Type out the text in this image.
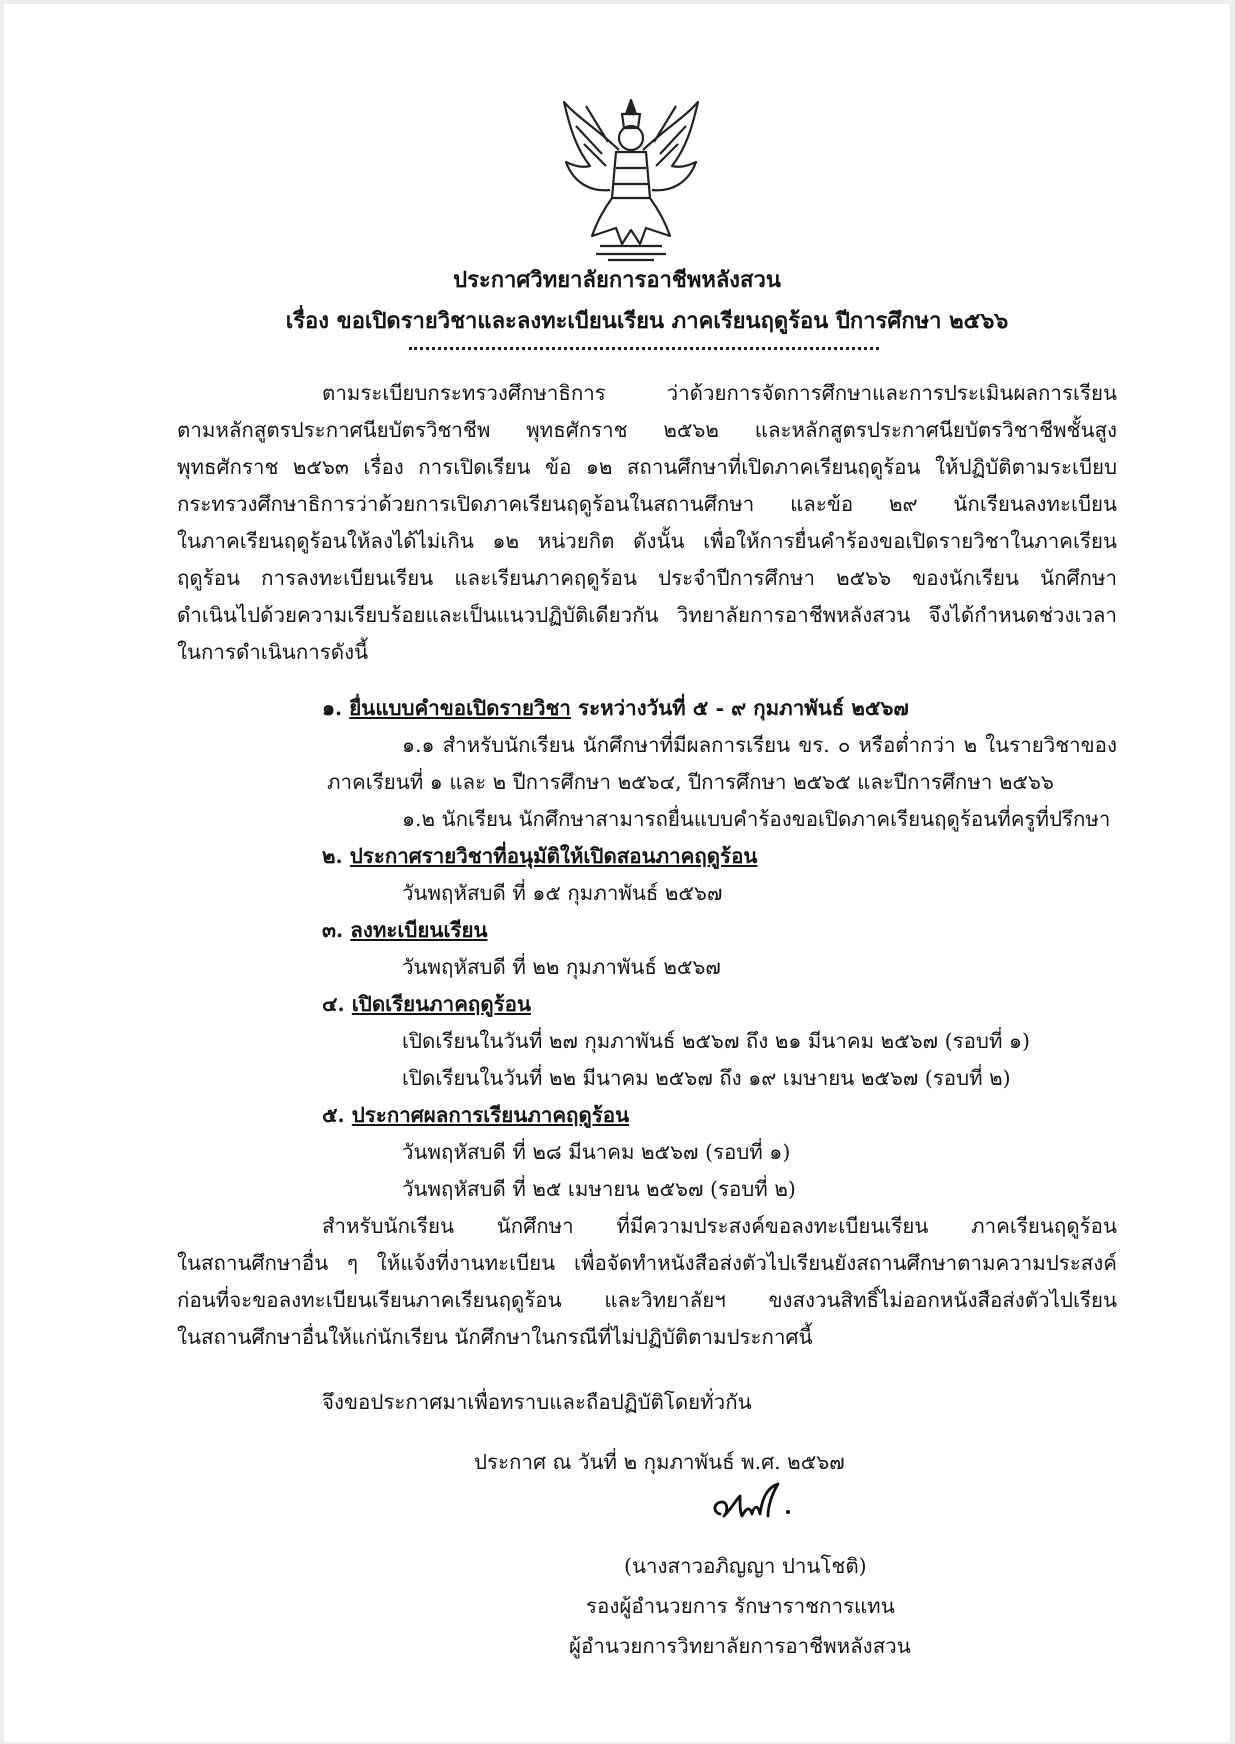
ประกาศวิทยาลัยการอาชีพหลังสวน
เรื่อง ขอเปิดรายวิชาและลงทะเบียนเรียน ภาคเรียนฤดูร้อน ปีการศึกษา ๒๕๖๖
ตามระเบียบกระทรวงศึกษาธิการ ว่าด้วยการจัดการศึกษาและการประเมินผลการเรียน
ตามหลักสูตรประกาศนียบัตรวิชาชีพ พุทธศักราช ๒๕๖๒ และหลักสูตรประกาศนียบัตรวิชาชีพชั้นสูง
พุทธศักราช ๒๕๖๓ เรื่อง การเปิดเรียน ข้อ ๑๒ สถานศึกษาที่เปิดภาคเรียนฤดูร้อน ให้ปฏิบัติตามระเบียบ
กระทรวงศึกษาธิการว่าด้วยการเปิดภาคเรียนฤดูร้อนในสถานศึกษา และข้อ ๒๙ นักเรียนลงทะเบียน
ในภาคเรียนฤดูร้อนให้ลงได้ไม่เกิน ๑๒ หน่วยกิต ดังนั้น เพื่อให้การยื่นคำร้องขอเปิดรายวิชาในภาคเรียน
ฤดูร้อน การลงทะเบียนเรียน และเรียนภาคฤดูร้อน ประจำปีการศึกษา ๒๕๖๖ ของนักเรียน นักศึกษา
ดำเนินไปด้วยความเรียบร้อยและเป็นแนวปฏิบัติเดียวกัน วิทยาลัยการอาชีพหลังสวน จึงได้กำหนดช่วงเวลา
ในการดำเนินการดังนี้
๑. ยื่นแบบคำขอเปิดรายวิชา ระหว่างวันที่ ๕ - ๙ กุมภาพันธ์ ๒๕๖๗
๑.๑ สำหรับนักเรียน นักศึกษาที่มีผลการเรียน ขร. ๐ หรือต่ำกว่า ๒ ในรายวิชาของ
ภาคเรียนที่ ๑ และ ๒ ปีการศึกษา ๒๕๖๔, ปีการศึกษา ๒๕๖๕ และปีการศึกษา ๒๕๖๖
๑.๒ นักเรียน นักศึกษาสามารถยื่นแบบคำร้องขอเปิดภาคเรียนฤดูร้อนที่ครูที่ปรึกษา
๒. ประกาศรายวิชาที่อนุมัติให้เปิดสอนภาคฤดูร้อน
วันพฤหัสบดี ที่ ๑๕ กุมภาพันธ์ ๒๕๖๗
๓. ลงทะเบียนเรียน
วันพฤหัสบดี ที่ ๒๒ กุมภาพันธ์ ๒๕๖๗
๔. เปิดเรียนภาคฤดูร้อน
เปิดเรียนในวันที่ ๒๗ กุมภาพันธ์ ๒๕๖๗ ถึง ๒๑ มีนาคม ๒๕๖๗ (รอบที่ ๑)
เปิดเรียนในวันที่ ๒๒ มีนาคม ๒๕๖๗ ถึง ๑๙ เมษายน ๒๕๖๗ (รอบที่ ๒)
๕. ประกาศผลการเรียนภาคฤดูร้อน
วันพฤหัสบดี ที่ ๒๘ มีนาคม ๒๕๖๗ (รอบที่ ๑)
วันพฤหัสบดี ที่ ๒๕ เมษายน ๒๕๖๗ (รอบที่ ๒)
สำหรับนักเรียน นักศึกษา ที่มีความประสงค์ขอลงทะเบียนเรียน ภาคเรียนฤดูร้อน
ในสถานศึกษาอื่น ๆ ให้แจ้งที่งานทะเบียน เพื่อจัดทำหนังสือส่งตัวไปเรียนยังสถานศึกษาตามความประสงค์
ก่อนที่จะขอลงทะเบียนเรียนภาคเรียนฤดูร้อน และวิทยาลัยฯ ขงสงวนสิทธิ์ไม่ออกหนังสือส่งตัวไปเรียน
ในสถานศึกษาอื่นให้แก่นักเรียน นักศึกษาในกรณีที่ไม่ปฏิบัติตามประกาศนี้
จึงขอประกาศมาเพื่อทราบและถือปฏิบัติโดยทั่วกัน
ประกาศ ณ วันที่ ๒ กุมภาพันธ์ พ.ศ. ๒๕๖๗
(นางสาวอภิญญา ปานโชติ)
รองผู้อำนวยการ รักษาราชการแทน
ผู้อำนวยการวิทยาลัยการอาชีพหลังสวน
